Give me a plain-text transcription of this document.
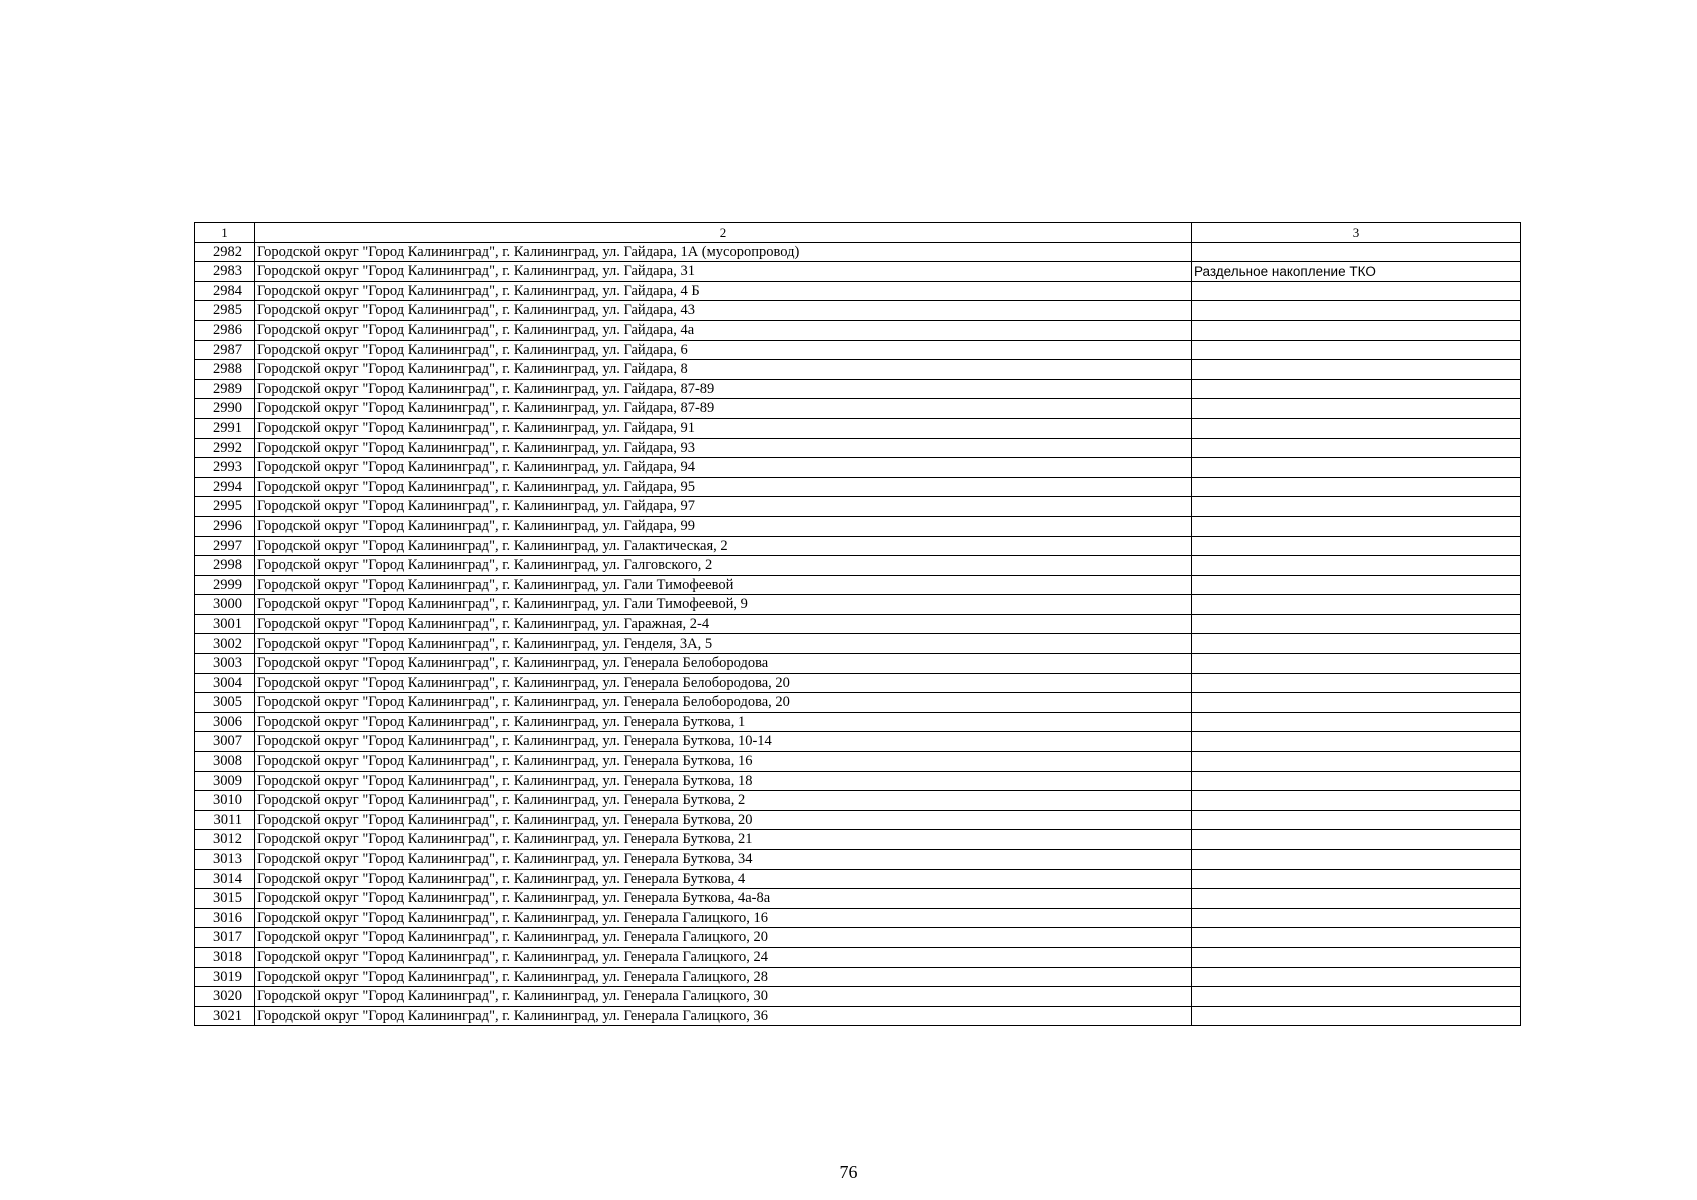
1	2	3
2982	Городской округ "Город Калининград", г. Калининград, ул. Гайдара, 1А (мусоропровод)	
2983	Городской округ "Город Калининград", г. Калининград, ул. Гайдара, 31	Раздельное накопление ТКО
2984	Городской округ "Город Калининград", г. Калининград, ул. Гайдара, 4 Б	
2985	Городской округ "Город Калининград", г. Калининград, ул. Гайдара, 43	
2986	Городской округ "Город Калининград", г. Калининград, ул. Гайдара, 4а	
2987	Городской округ "Город Калининград", г. Калининград, ул. Гайдара, 6	
2988	Городской округ "Город Калининград", г. Калининград, ул. Гайдара, 8	
2989	Городской округ "Город Калининград", г. Калининград, ул. Гайдара, 87-89	
2990	Городской округ "Город Калининград", г. Калининград, ул. Гайдара, 87-89	
2991	Городской округ "Город Калининград", г. Калининград, ул. Гайдара, 91	
2992	Городской округ "Город Калининград", г. Калининград, ул. Гайдара, 93	
2993	Городской округ "Город Калининград", г. Калининград, ул. Гайдара, 94	
2994	Городской округ "Город Калининград", г. Калининград, ул. Гайдара, 95	
2995	Городской округ "Город Калининград", г. Калининград, ул. Гайдара, 97	
2996	Городской округ "Город Калининград", г. Калининград, ул. Гайдара, 99	
2997	Городской округ "Город Калининград", г. Калининград, ул. Галактическая, 2	
2998	Городской округ "Город Калининград", г. Калининград, ул. Галговского, 2	
2999	Городской округ "Город Калининград", г. Калининград, ул. Гали Тимофеевой	
3000	Городской округ "Город Калининград", г. Калининград, ул. Гали Тимофеевой, 9	
3001	Городской округ "Город Калининград", г. Калининград, ул. Гаражная, 2-4	
3002	Городской округ "Город Калининград", г. Калининград, ул. Генделя, 3А, 5	
3003	Городской округ "Город Калининград", г. Калининград, ул. Генерала Белобородова	
3004	Городской округ "Город Калининград", г. Калининград, ул. Генерала Белобородова, 20	
3005	Городской округ "Город Калининград", г. Калининград, ул. Генерала Белобородова, 20	
3006	Городской округ "Город Калининград", г. Калининград, ул. Генерала Буткова, 1	
3007	Городской округ "Город Калининград", г. Калининград, ул. Генерала Буткова, 10-14	
3008	Городской округ "Город Калининград", г. Калининград, ул. Генерала Буткова, 16	
3009	Городской округ "Город Калининград", г. Калининград, ул. Генерала Буткова, 18	
3010	Городской округ "Город Калининград", г. Калининград, ул. Генерала Буткова, 2	
3011	Городской округ "Город Калининград", г. Калининград, ул. Генерала Буткова, 20	
3012	Городской округ "Город Калининград", г. Калининград, ул. Генерала Буткова, 21	
3013	Городской округ "Город Калининград", г. Калининград, ул. Генерала Буткова, 34	
3014	Городской округ "Город Калининград", г. Калининград, ул. Генерала Буткова, 4	
3015	Городской округ "Город Калининград", г. Калининград, ул. Генерала Буткова, 4а-8а	
3016	Городской округ "Город Калининград", г. Калининград, ул. Генерала Галицкого, 16	
3017	Городской округ "Город Калининград", г. Калининград, ул. Генерала Галицкого, 20	
3018	Городской округ "Город Калининград", г. Калининград, ул. Генерала Галицкого, 24	
3019	Городской округ "Город Калининград", г. Калининград, ул. Генерала Галицкого, 28	
3020	Городской округ "Город Калининград", г. Калининград, ул. Генерала Галицкого, 30	
3021	Городской округ "Город Калининград", г. Калининград, ул. Генерала Галицкого, 36	
76
